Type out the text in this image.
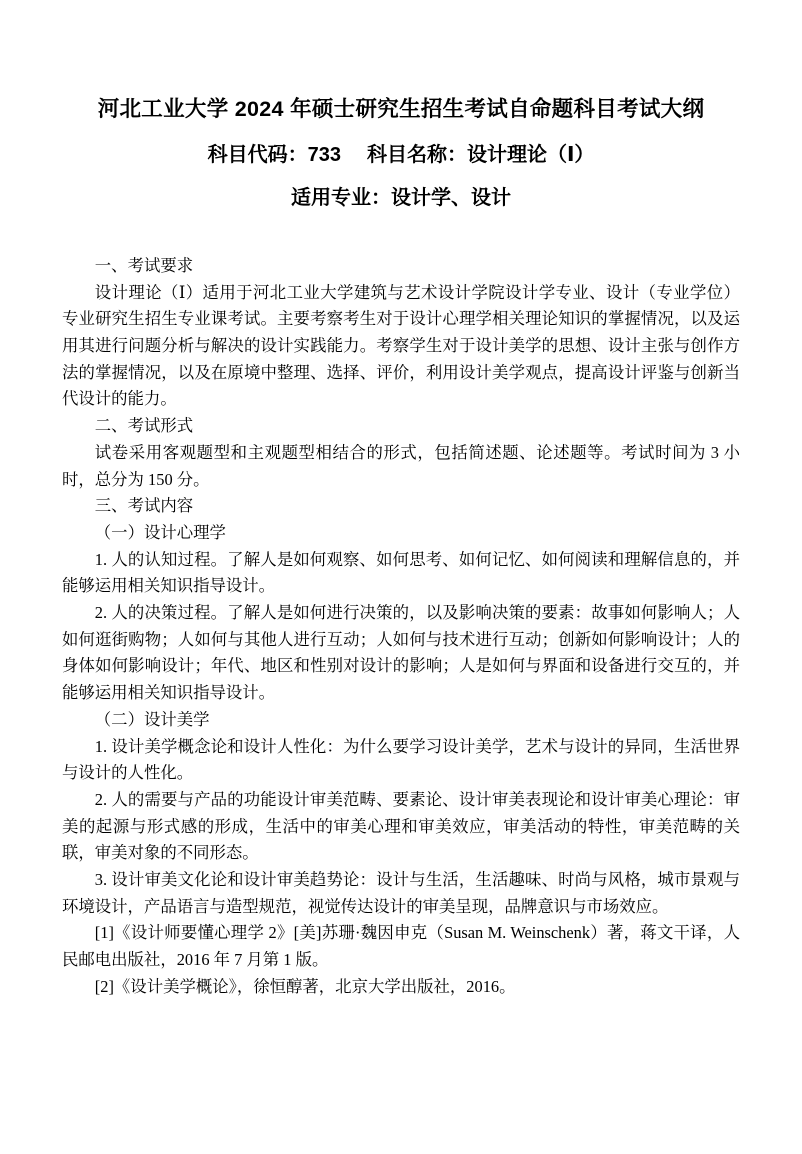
河北工业大学 2024 年硕士研究生招生考试自命题科目考试大纲
科目代码：733 科目名称：设计理论（Ⅰ）
适用专业：设计学、设计

一、考试要求

设计理论（Ⅰ）适用于河北工业大学建筑与艺术设计学院设计学专业、设计（专业学位）专业研究生招生专业课考试。主要考察考生对于设计心理学相关理论知识的掌握情况，以及运用其进行问题分析与解决的设计实践能力。考察学生对于设计美学的思想、设计主张与创作方法的掌握情况，以及在原境中整理、选择、评价，利用设计美学观点，提高设计评鉴与创新当代设计的能力。

二、考试形式

试卷采用客观题型和主观题型相结合的形式，包括简述题、论述题等。考试时间为 3 小时，总分为 150 分。

三、考试内容

（一）设计心理学

1. 人的认知过程。了解人是如何观察、如何思考、如何记忆、如何阅读和理解信息的，并能够运用相关知识指导设计。

2. 人的决策过程。了解人是如何进行决策的，以及影响决策的要素：故事如何影响人；人如何逛街购物；人如何与其他人进行互动；人如何与技术进行互动；创新如何影响设计；人的身体如何影响设计；年代、地区和性别对设计的影响；人是如何与界面和设备进行交互的，并能够运用相关知识指导设计。

（二）设计美学

1. 设计美学概念论和设计人性化：为什么要学习设计美学，艺术与设计的异同，生活世界与设计的人性化。

2. 人的需要与产品的功能设计审美范畴、要素论、设计审美表现论和设计审美心理论：审美的起源与形式感的形成，生活中的审美心理和审美效应，审美活动的特性，审美范畴的关联，审美对象的不同形态。

3. 设计审美文化论和设计审美趋势论：设计与生活，生活趣味、时尚与风格，城市景观与环境设计，产品语言与造型规范，视觉传达设计的审美呈现，品牌意识与市场效应。

[1]《设计师要懂心理学 2》[美]苏珊·魏因申克（Susan M. Weinschenk）著，蒋文干译，人民邮电出版社，2016 年 7 月第 1 版。

[2]《设计美学概论》，徐恒醇著，北京大学出版社，2016。
